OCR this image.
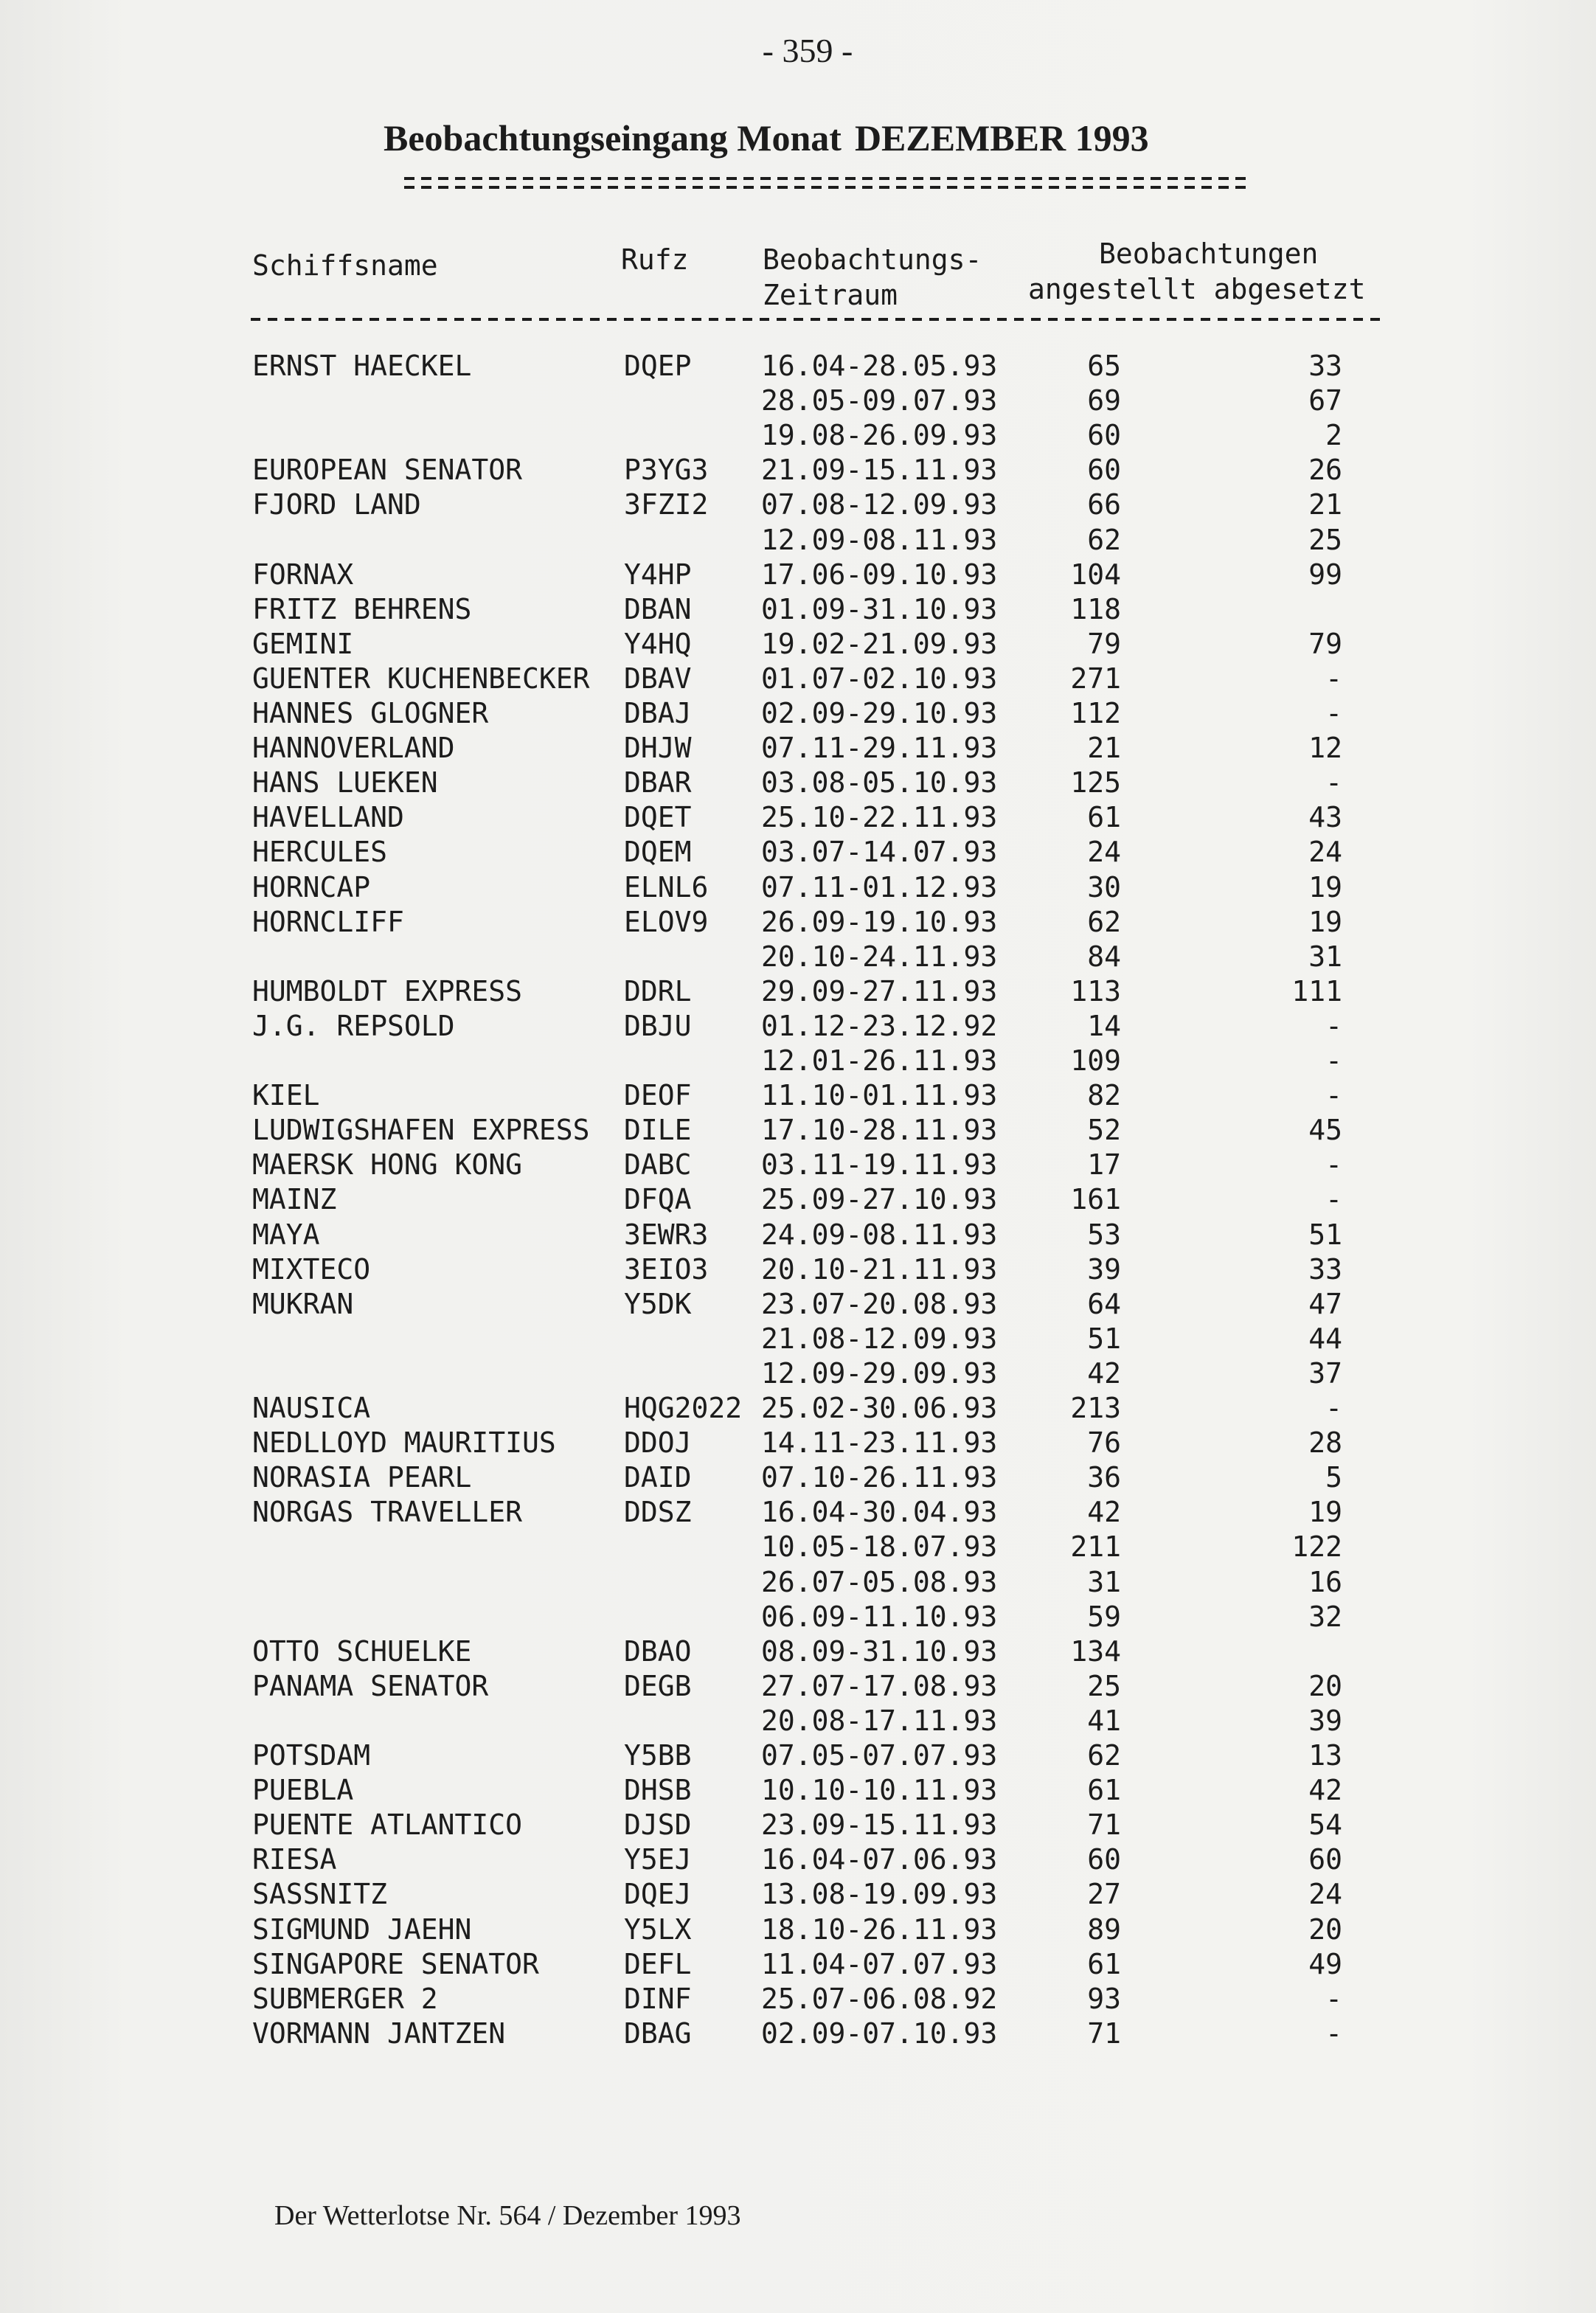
- 359 -
Beobachtungseingang Monat DEZEMBER 1993
Schiffsname	Rufz	Beobachtungs-
Zeitraum
Beobachtungen
angestellt abgesetzt
ERNST HAECKEL	DQEP 16.04-28.05.93	65	33
28.05-09.07.93	69	67
19.08-26.09.93	60	2
EUROPEAN SENATOR	P3YG3 21.09-15.11.93	60	26
FJORD LAND	3FZI2 07.08-12.09.93	66	21
12.09-08.11.93	62	25
FORNAX	Y4HP 17.06-09.10.93	104	99
FRITZ BEHRENS	DBAN 01.09-31.10.93	118
GEMINI	Y4HQ 19.02-21.09.93	79	79
GUENTER KUCHENBECKER DBAV 01.07-02.10.93	271	-
HANNES GLOGNER	DBAJ 02.09-29.10.93	112	-
HANNOVERLAND	DHJW 07.11-29.11.93	21	12
HANS LUEKEN	DBAR 03.08-05.10.93	125	-
HAVELLAND	DQET 25.10-22.11.93	61	43
HERCULES	DQEM 03.07-14.07.93	24	24
HORNCAP	ELNL6 07.11-01.12.93	30	19
HORNCLIFF	ELOV9 26.09-19.10.93	62	19
20.10-24.11.93	84	31
HUMBOLDT EXPRESS	DDRL 29.09-27.11.93	113	111
J.G. REPSOLD	DBJU 01.12-23.12.92	14	-
12.01-26.11.93	109	-
KIEL	DEOF 11.10-01.11.93	82	-
LUDWIGSHAFEN EXPRESS DILE 17.10-28.11.93	52	45
MAERSK HONG KONG	DABC 03.11-19.11.93	17	-
MAINZ	DFQA 25.09-27.10.93	161	-
MAYA	3EWR3 24.09-08.11.93	53	51
MIXTECO	3EIO3 20.10-21.11.93	39	33
MUKRAN	Y5DK 23.07-20.08.93	64	47
21.08-12.09.93	51	44
12.09-29.09.93	42	37
NAUSICA	HQG2022 25.02-30.06.93	213	-
NEDLLOYD MAURITIUS DDOJ 14.11-23.11.93	76	28
NORASIA PEARL	DAID 07.10-26.11.93	36	5
NORGAS TRAVELLER	DDSZ 16.04-30.04.93	42	19
10.05-18.07.93	211	122
26.07-05.08.93	31	16
06.09-11.10.93	59	32
OTTO SCHUELKE	DBAO 08.09-31.10.93	134
PANAMA SENATOR	DEGB 27.07-17.08.93	25	20
20.08-17.11.93	41	39
POTSDAM	Y5BB 07.05-07.07.93	62	13
PUEBLA	DHSB 10.10-10.11.93	61	42
PUENTE ATLANTICO	DJSD 23.09-15.11.93	71	54
RIESA	Y5EJ 16.04-07.06.93	60	60
SASSNITZ	DQEJ 13.08-19.09.93	27	24
SIGMUND JAEHN	Y5LX 18.10-26.11.93	89	20
SINGAPORE SENATOR	DEFL 11.04-07.07.93	61	49
SUBMERGER 2	DINF 25.07-06.08.92	93	-
VORMANN JANTZEN	DBAG 02.09-07.10.93	71	-
Der Wetterlotse Nr. 564 / Dezember 1993
